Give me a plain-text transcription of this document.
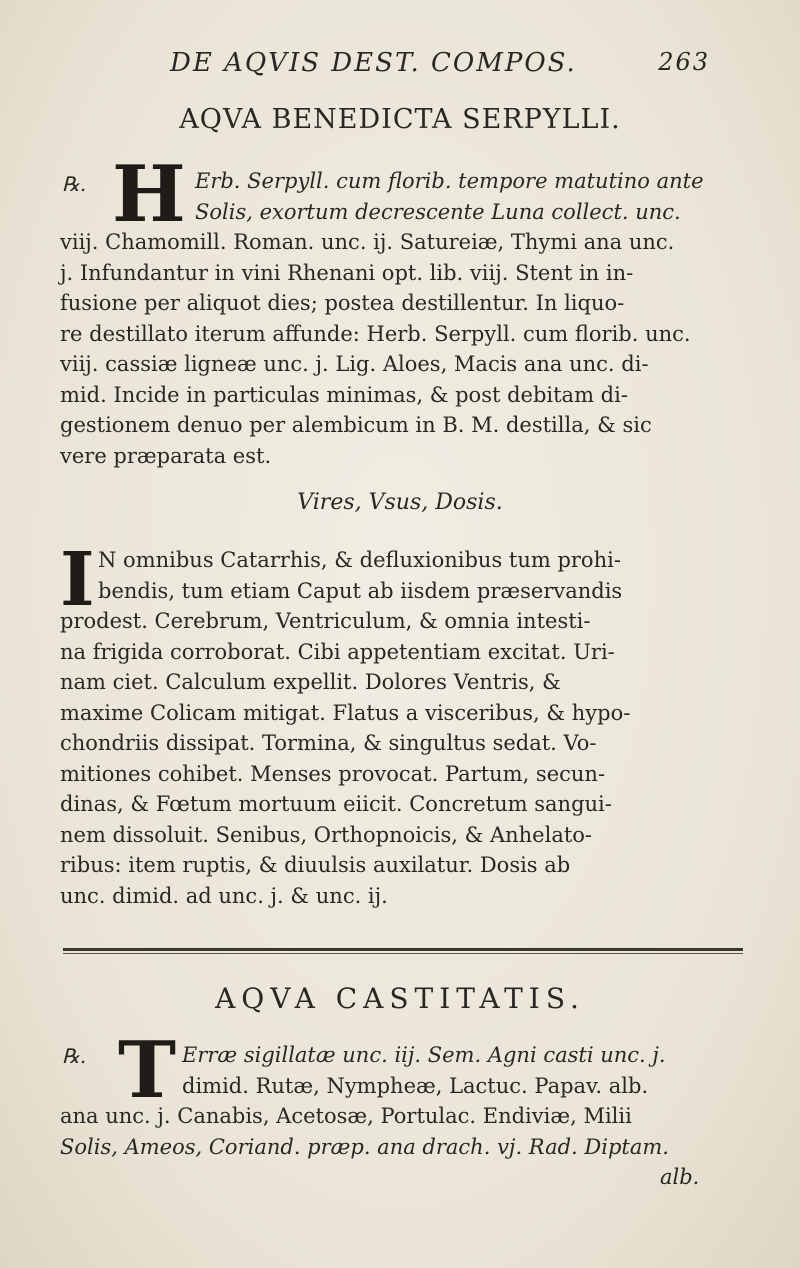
DE AQVIS DEST. COMPOS.	263
AQVA BENEDICTA SERPYLLI.
℞. H Erb. Serpyll. cum florib. tempore matutino ante
Solis, exortum decrescente Luna collect. unc.
viij. Chamomill. Roman. unc. ij. Satureiæ, Thymi ana unc.
j. Infundantur in vini Rhenani opt. lib. viij. Stent in in-
fusione per aliquot dies; postea destillentur. In liquo-
re destillato iterum affunde: Herb. Serpyll. cum florib. unc.
viij. cassiæ ligneæ unc. j. Lig. Aloes, Macis ana unc. di-
mid. Incide in particulas minimas, & post debitam di-
gestionem denuo per alembicum in B. M. destilla, & sic
vere præparata est.
Vires, Vsus, Dosis.
I N omnibus Catarrhis, & defluxionibus tum prohi-
bendis, tum etiam Caput ab iisdem præservandis
prodest. Cerebrum, Ventriculum, & omnia intesti-
na frigida corroborat. Cibi appetentiam excitat. Uri-
nam ciet. Calculum expellit. Dolores Ventris, &
maxime Colicam mitigat. Flatus a visceribus, & hypo-
chondriis dissipat. Tormina, & singultus sedat. Vo-
mitiones cohibet. Menses provocat. Partum, secun-
dinas, & Fœtum mortuum eiicit. Concretum sangui-
nem dissoluit. Senibus, Orthopnoicis, & Anhelato-
ribus: item ruptis, & diuulsis auxilatur. Dosis ab
unc. dimid. ad unc. j. & unc. ij.
AQVA CASTITATIS.
℞. T Erræ sigillatæ unc. iij. Sem. Agni casti unc. j.
dimid. Rutæ, Nympheæ, Lactuc. Papav. alb.
ana unc. j. Canabis, Acetosæ, Portulac. Endiviæ, Milii
Solis, Ameos, Coriand. præp. ana drach. vj. Rad. Diptam.
alb.
